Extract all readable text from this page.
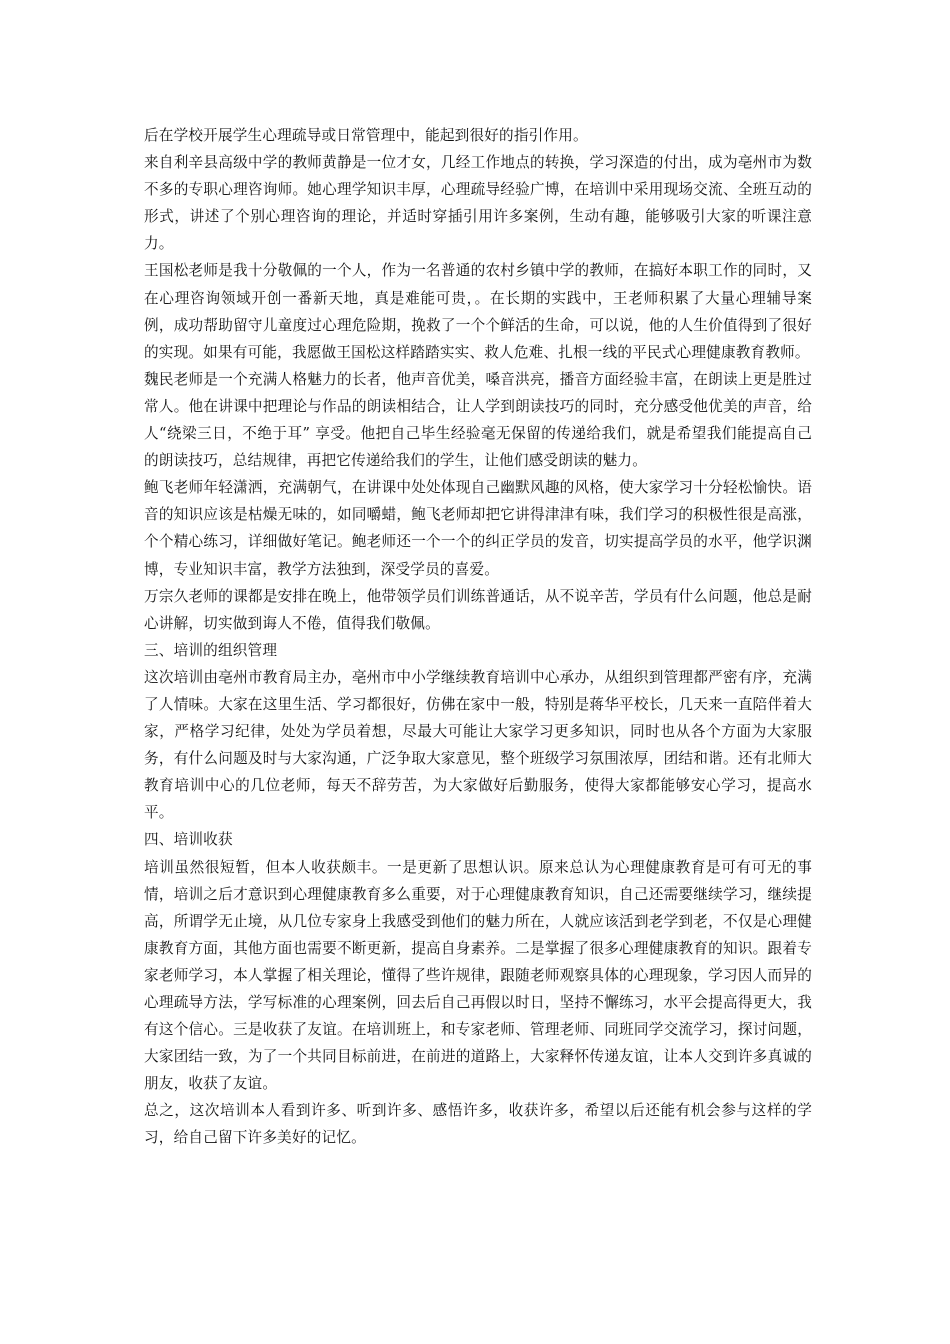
后在学校开展学生心理疏导或日常管理中，能起到很好的指引作用。

来自利辛县高级中学的教师黄静是一位才女，几经工作地点的转换，学习深造的付出，成为亳州市为数不多的专职心理咨询师。她心理学知识丰厚，心理疏导经验广博，在培训中采用现场交流、全班互动的形式，讲述了个别心理咨询的理论，并适时穿插引用许多案例，生动有趣，能够吸引大家的听课注意力。

王国松老师是我十分敬佩的一个人，作为一名普通的农村乡镇中学的教师，在搞好本职工作的同时，又在心理咨询领域开创一番新天地，真是难能可贵，。在长期的实践中，王老师积累了大量心理辅导案例，成功帮助留守儿童度过心理危险期，挽救了一个个鲜活的生命，可以说，他的人生价值得到了很好的实现。如果有可能，我愿做王国松这样踏踏实实、救人危难、扎根一线的平民式心理健康教育教师。

魏民老师是一个充满人格魅力的长者，他声音优美，嗓音洪亮，播音方面经验丰富，在朗读上更是胜过常人。他在讲课中把理论与作品的朗读相结合，让人学到朗读技巧的同时，充分感受他优美的声音，给人“绕梁三日，不绝于耳” 享受。他把自己毕生经验毫无保留的传递给我们，就是希望我们能提高自己的朗读技巧，总结规律，再把它传递给我们的学生，让他们感受朗读的魅力。

鲍飞老师年轻潇洒，充满朝气，在讲课中处处体现自己幽默风趣的风格，使大家学习十分轻松愉快。语音的知识应该是枯燥无味的，如同嚼蜡，鲍飞老师却把它讲得津津有味，我们学习的积极性很是高涨，个个精心练习，详细做好笔记。鲍老师还一个一个的纠正学员的发音，切实提高学员的水平，他学识渊博，专业知识丰富，教学方法独到，深受学员的喜爱。

万宗久老师的课都是安排在晚上，他带领学员们训练普通话，从不说辛苦，学员有什么问题，他总是耐心讲解，切实做到诲人不倦，值得我们敬佩。

三、培训的组织管理

这次培训由亳州市教育局主办，亳州市中小学继续教育培训中心承办，从组织到管理都严密有序，充满了人情味。大家在这里生活、学习都很好，仿佛在家中一般，特别是蒋华平校长，几天来一直陪伴着大家，严格学习纪律，处处为学员着想，尽最大可能让大家学习更多知识，同时也从各个方面为大家服务，有什么问题及时与大家沟通，广泛争取大家意见，整个班级学习氛围浓厚，团结和谐。还有北师大教育培训中心的几位老师，每天不辞劳苦，为大家做好后勤服务，使得大家都能够安心学习，提高水平。

四、培训收获

培训虽然很短暂，但本人收获颇丰。一是更新了思想认识。原来总认为心理健康教育是可有可无的事情，培训之后才意识到心理健康教育多么重要，对于心理健康教育知识，自己还需要继续学习，继续提高，所谓学无止境，从几位专家身上我感受到他们的魅力所在，人就应该活到老学到老，不仅是心理健康教育方面，其他方面也需要不断更新，提高自身素养。二是掌握了很多心理健康教育的知识。跟着专家老师学习，本人掌握了相关理论，懂得了些许规律，跟随老师观察具体的心理现象，学习因人而异的心理疏导方法，学写标准的心理案例，回去后自己再假以时日，坚持不懈练习，水平会提高得更大，我有这个信心。三是收获了友谊。在培训班上，和专家老师、管理老师、同班同学交流学习，探讨问题，大家团结一致，为了一个共同目标前进，在前进的道路上，大家释怀传递友谊，让本人交到许多真诚的朋友，收获了友谊。

总之，这次培训本人看到许多、听到许多、感悟许多，收获许多，希望以后还能有机会参与这样的学习，给自己留下许多美好的记忆。
